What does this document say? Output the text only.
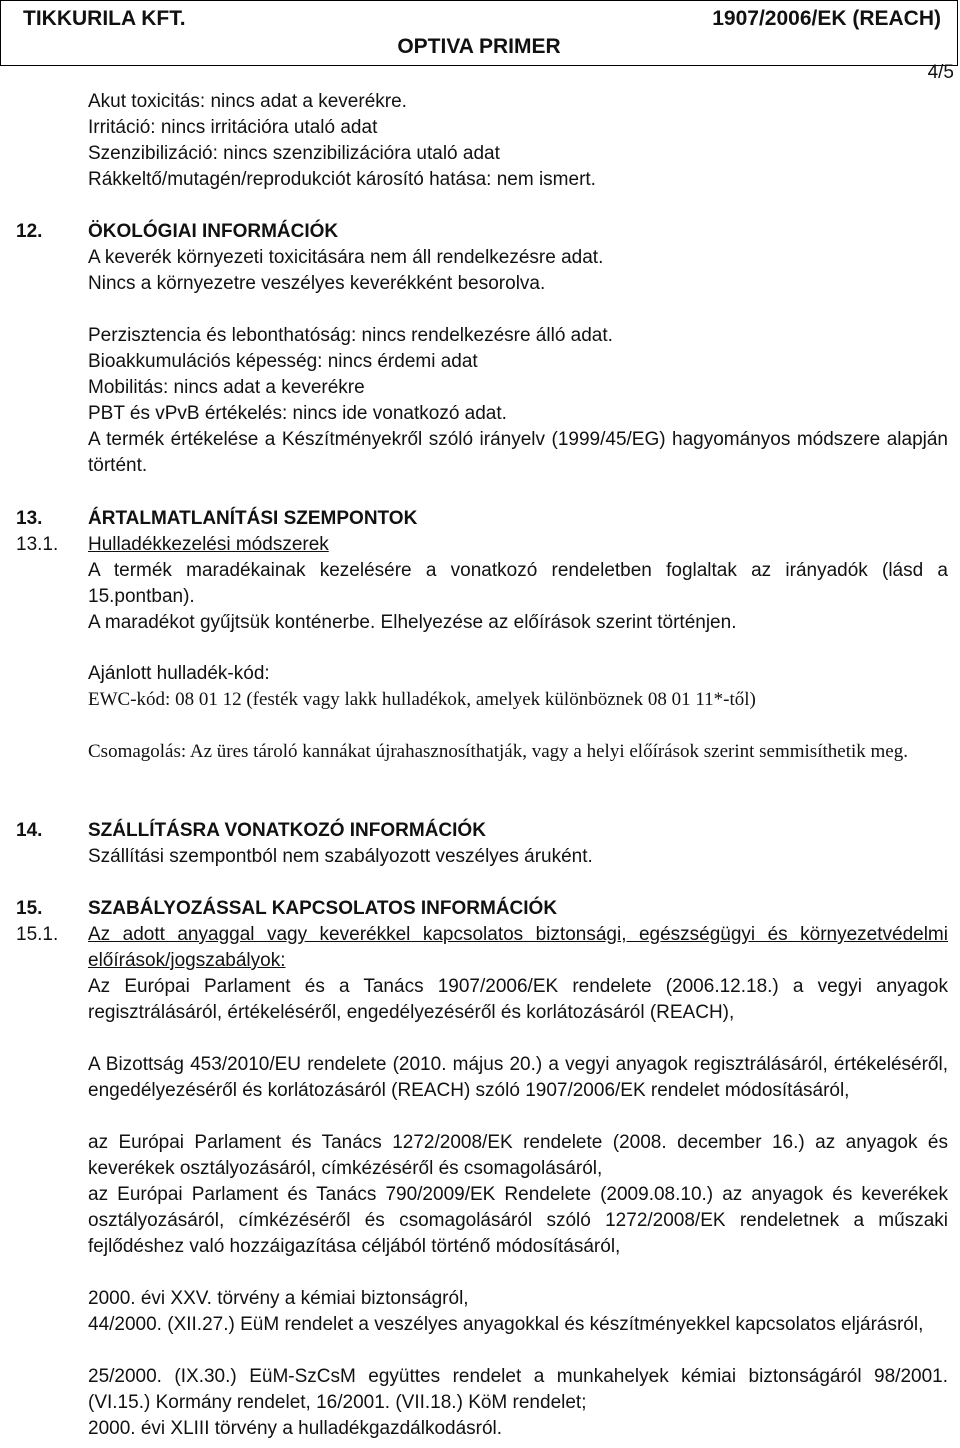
TIKKURILA KFT.	1907/2006/EK (REACH)
OPTIVA PRIMER
4/5

Akut toxicitás: nincs adat a keverékre.

Irritáció: nincs irritációra utaló adat

Szenzibilizáció: nincs szenzibilizációra utaló adat

Rákkeltő/mutagén/reprodukciót károsító hatása: nem ismert.

12. ÖKOLÓGIAI INFORMÁCIÓK

A keverék környezeti toxicitására nem áll rendelkezésre adat.

Nincs a környezetre veszélyes keverékként besorolva.

Perzisztencia és lebonthatóság: nincs rendelkezésre álló adat.

Bioakkumulációs képesség: nincs érdemi adat

Mobilitás: nincs adat a keverékre

PBT és vPvB értékelés: nincs ide vonatkozó adat.

A termék értékelése a Készítményekről szóló irányelv (1999/45/EG) hagyományos módszere alapján történt.

13. ÁRTALMATLANÍTÁSI SZEMPONTOK

13.1. Hulladékkezelési módszerek

A termék maradékainak kezelésére a vonatkozó rendeletben foglaltak az irányadók (lásd a 15.pontban).

A maradékot gyűjtsük konténerbe. Elhelyezése az előírások szerint történjen.

Ajánlott hulladék-kód:

EWC-kód: 08 01 12 (festék vagy lakk hulladékok, amelyek különböznek 08 01 11*-től)

Csomagolás: Az üres tároló kannákat újrahasznosíthatják, vagy a helyi előírások szerint semmisíthetik meg.

14. SZÁLLÍTÁSRA VONATKOZÓ INFORMÁCIÓK

Szállítási szempontból nem szabályozott veszélyes áruként.

15. SZABÁLYOZÁSSAL KAPCSOLATOS INFORMÁCIÓK

15.1. Az adott anyaggal vagy keverékkel kapcsolatos biztonsági, egészségügyi és környezetvédelmi előírások/jogszabályok:

Az Európai Parlament és a Tanács 1907/2006/EK rendelete (2006.12.18.) a vegyi anyagok regisztrálásáról, értékeléséről, engedélyezéséről és korlátozásáról (REACH),

A Bizottság 453/2010/EU rendelete (2010. május 20.) a vegyi anyagok regisztrálásáról, értékeléséről, engedélyezéséről és korlátozásáról (REACH) szóló 1907/2006/EK rendelet módosításáról,

az Európai Parlament és Tanács 1272/2008/EK rendelete (2008. december 16.) az anyagok és keverékek osztályozásáról, címkézéséről és csomagolásáról,

az Európai Parlament és Tanács 790/2009/EK Rendelete (2009.08.10.) az anyagok és keverékek osztályozásáról, címkézéséről és csomagolásáról szóló 1272/2008/EK rendeletnek a műszaki fejlődéshez való hozzáigazítása céljából történő módosításáról,

2000. évi XXV. törvény a kémiai biztonságról,

44/2000. (XII.27.) EüM rendelet a veszélyes anyagokkal és készítményekkel kapcsolatos eljárásról,

25/2000. (IX.30.) EüM-SzCsM együttes rendelet a munkahelyek kémiai biztonságáról 98/2001. (VI.15.) Kormány rendelet, 16/2001. (VII.18.) KöM rendelet;

2000. évi XLIII törvény a hulladékgazdálkodásról.
